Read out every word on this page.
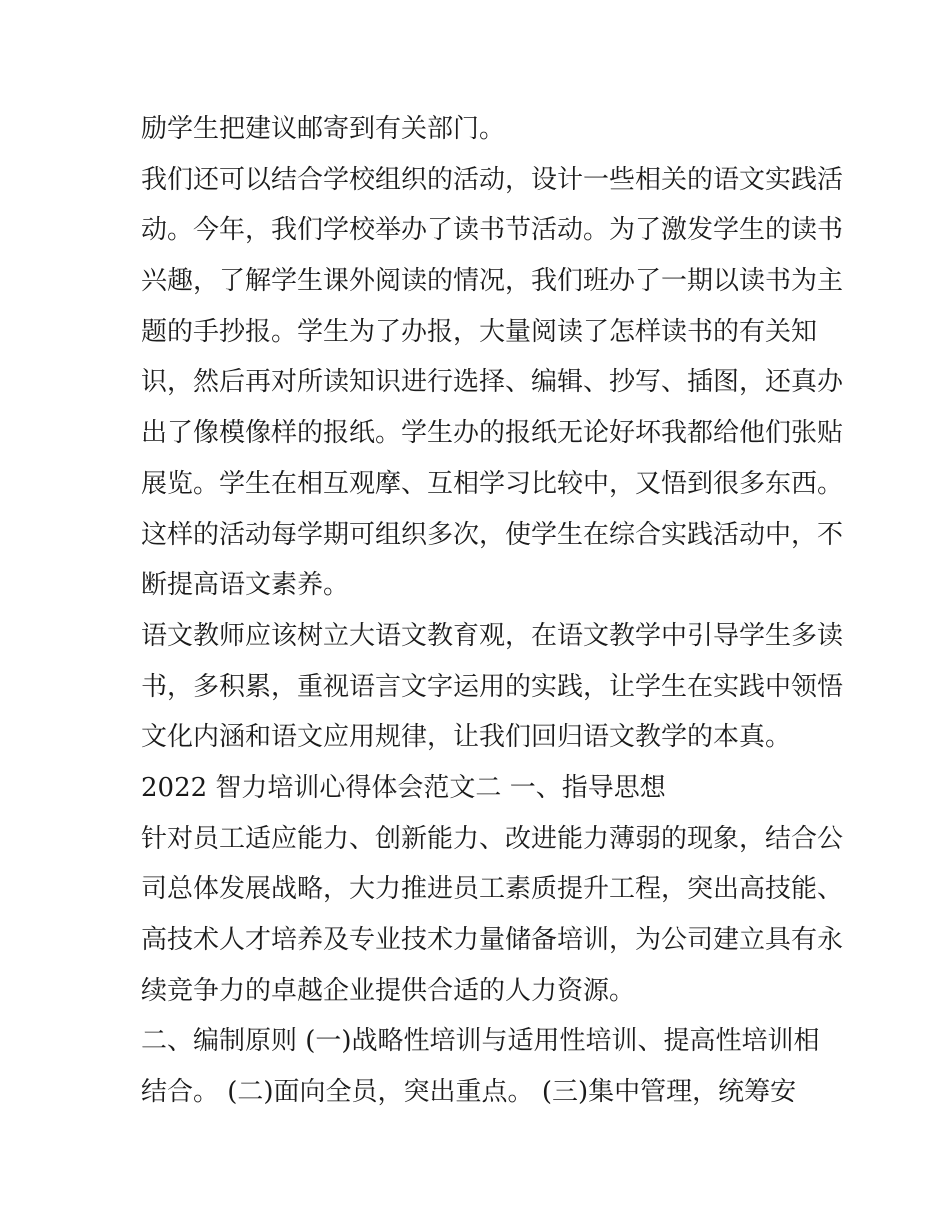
励学生把建议邮寄到有关部门。

我们还可以结合学校组织的活动，设计一些相关的语文实践活

动。今年，我们学校举办了读书节活动。为了激发学生的读书

兴趣，了解学生课外阅读的情况，我们班办了一期以读书为主

题的手抄报。学生为了办报，大量阅读了怎样读书的有关知

识，然后再对所读知识进行选择、编辑、抄写、插图，还真办

出了像模像样的报纸。学生办的报纸无论好坏我都给他们张贴

展览。学生在相互观摩、互相学习比较中，又悟到很多东西。

这样的活动每学期可组织多次，使学生在综合实践活动中，不

断提高语文素养。

语文教师应该树立大语文教育观，在语文教学中引导学生多读

书，多积累，重视语言文字运用的实践，让学生在实践中领悟

文化内涵和语文应用规律，让我们回归语文教学的本真。

2022 智力培训心得体会范文二 一、指导思想

针对员工适应能力、创新能力、改进能力薄弱的现象，结合公

司总体发展战略，大力推进员工素质提升工程，突出高技能、

高技术人才培养及专业技术力量储备培训，为公司建立具有永

续竞争力的卓越企业提供合适的人力资源。

二、编制原则 (一)战略性培训与适用性培训、提高性培训相

结合。 (二)面向全员，突出重点。 (三)集中管理，统筹安
